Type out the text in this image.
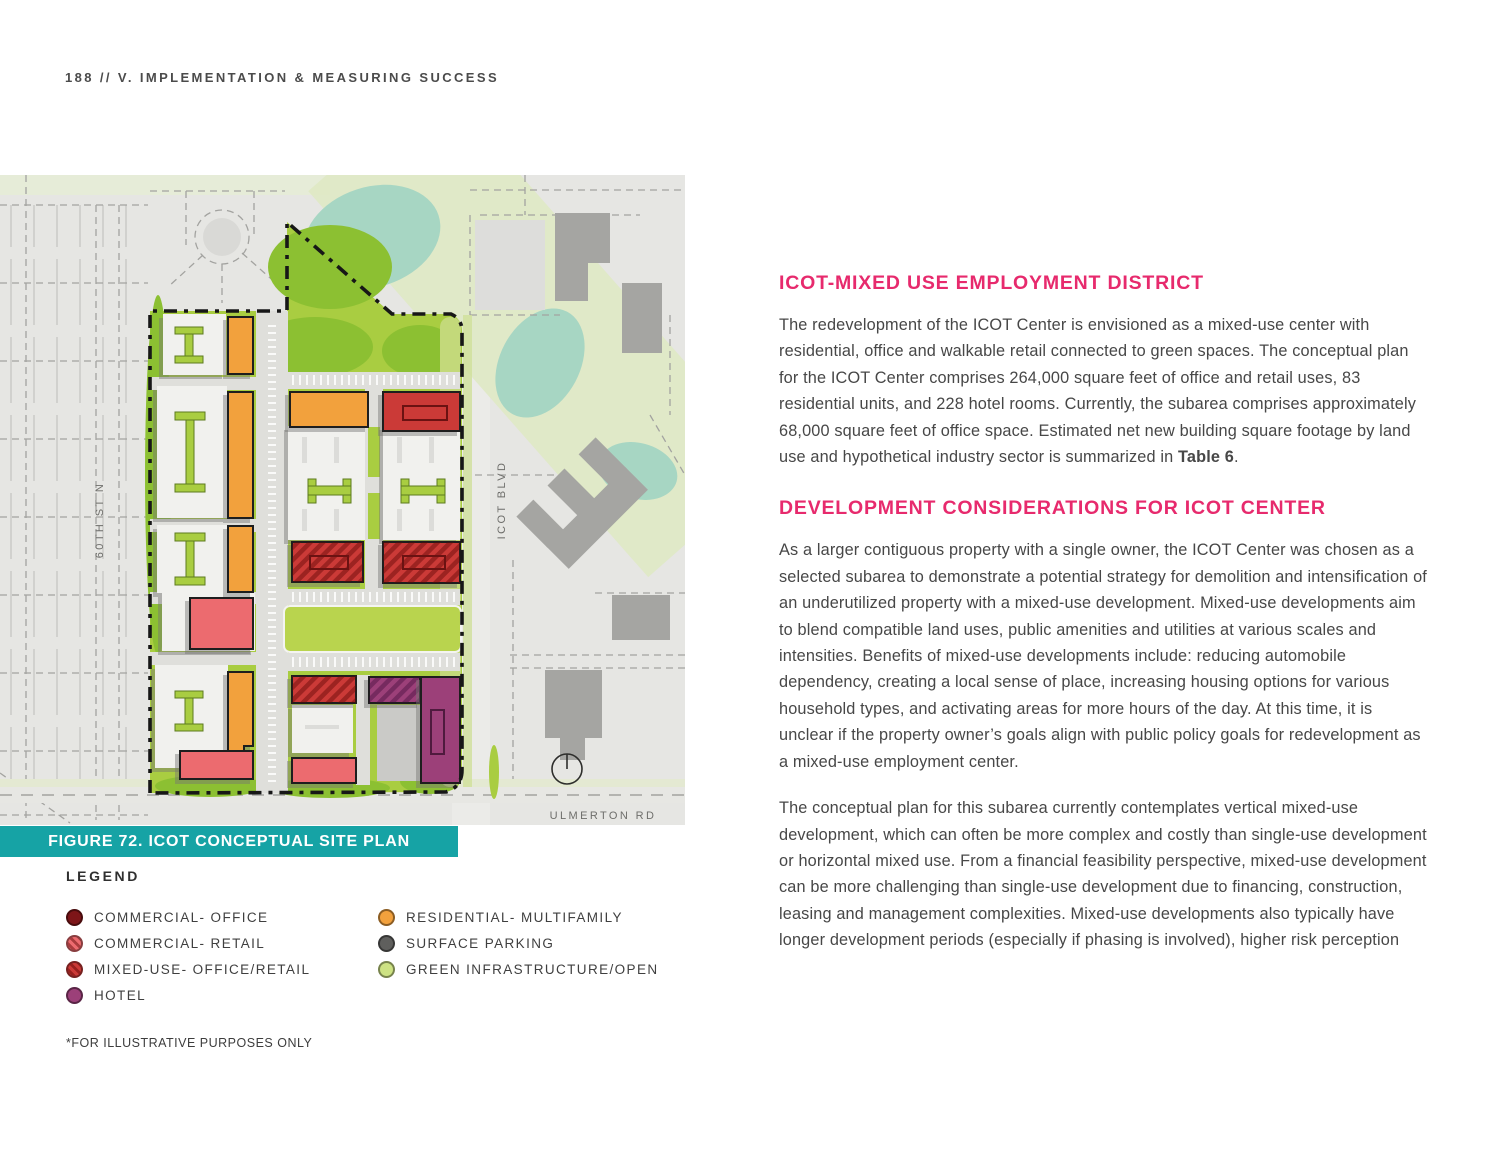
188 // V. IMPLEMENTATION & MEASURING SUCCESS
60TH ST N	ICOT BLVD
ULMERTON RD
FIGURE 72. ICOT CONCEPTUAL SITE PLAN
LEGEND
COMMERCIAL- OFFICE
COMMERCIAL- RETAIL
MIXED-USE- OFFICE/RETAIL
HOTEL
RESIDENTIAL- MULTIFAMILY
SURFACE PARKING
GREEN INFRASTRUCTURE/OPEN
*FOR ILLUSTRATIVE PURPOSES ONLY
ICOT-MIXED USE EMPLOYMENT DISTRICT

The redevelopment of the ICOT Center is envisioned as a mixed-use center with residential, office and walkable retail connected to green spaces. The conceptual plan for the ICOT Center comprises 264,000 square feet of office and retail uses, 83 residential units, and 228 hotel rooms. Currently, the subarea comprises approximately 68,000 square feet of office space. Estimated net new building square footage by land use and hypothetical industry sector is summarized in Table 6.

DEVELOPMENT CONSIDERATIONS FOR ICOT CENTER

As a larger contiguous property with a single owner, the ICOT Center was chosen as a selected subarea to demonstrate a potential strategy for demolition and intensification of an underutilized property with a mixed-use development. Mixed-use developments aim to blend compatible land uses, public amenities and utilities at various scales and intensities. Benefits of mixed-use developments include: reducing automobile dependency, creating a local sense of place, increasing housing options for various household types, and activating areas for more hours of the day. At this time, it is unclear if the property owner’s goals align with public policy goals for redevelopment as a mixed-use employment center.

The conceptual plan for this subarea currently contemplates vertical mixed-use development, which can often be more complex and costly than single-use development or horizontal mixed use. From a financial feasibility perspective, mixed-use development can be more challenging than single-use development due to financing, construction, leasing and management complexities. Mixed-use developments also typically have longer development periods (especially if phasing is involved), higher risk perception
